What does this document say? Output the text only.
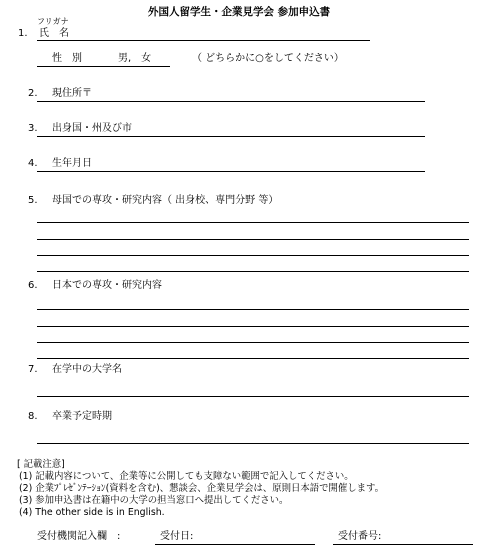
外国人留学生・企業見学会 参加申込書
フリガナ
1. 氏　名
性　別	男,　女	（ どちらかに○をしてください）
2. 現住所〒
3. 出身国・州及び市
4. 生年月日
5. 母国での専攻・研究内容（ 出身校、専門分野 等）
6. 日本での専攻・研究内容
7. 在学中の大学名
8. 卒業予定時期
[ 記載注意]
(1) 記載内容について、企業等に公開しても支障ない範囲で記入してください。
(2) 企業ﾌﾟﾚｾﾞﾝﾃｰｼｮﾝ(資料を含む)、懇談会、企業見学会は、原則日本語で開催します。
(3) 参加申込書は在籍中の大学の担当窓口へ提出してください。
(4) The other side is in English.
受付機関記入欄　:	受付日:	受付番号:
